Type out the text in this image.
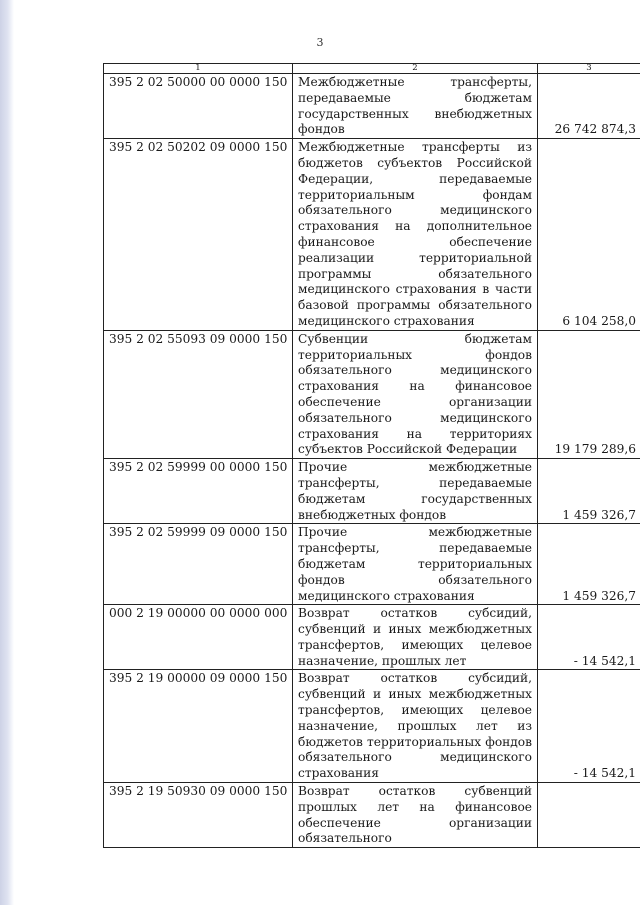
3
1	2	3
395 2 02 50000 00 0000 150	Межбюджетные трансферты, передаваемые бюджетам государственных внебюджетных фондов	26 742 874,3
395 2 02 50202 09 0000 150	Межбюджетные трансферты из бюджетов субъектов Российской Федерации, передаваемые территориальным фондам обязательного медицинского страхования на дополнительное финансовое обеспечение реализации территориальной программы обязательного медицинского страхования в части базовой программы обязательного медицинского страхования	6 104 258,0
395 2 02 55093 09 0000 150	Субвенции бюджетам территориальных фондов обязательного медицинского страхования на финансовое обеспечение организации обязательного медицинского страхования на территориях субъектов Российской Федерации	19 179 289,6
395 2 02 59999 00 0000 150	Прочие межбюджетные трансферты, передаваемые бюджетам государственных внебюджетных фондов	1 459 326,7
395 2 02 59999 09 0000 150	Прочие межбюджетные трансферты, передаваемые бюджетам территориальных фондов обязательного медицинского страхования	1 459 326,7
000 2 19 00000 00 0000 000	Возврат остатков субсидий, субвенций и иных межбюджетных трансфертов, имеющих целевое назначение, прошлых лет	- 14 542,1
395 2 19 00000 09 0000 150	Возврат остатков субсидий, субвенций и иных межбюджетных трансфертов, имеющих целевое назначение, прошлых лет из бюджетов территориальных фондов обязательного медицинского страхования	- 14 542,1
395 2 19 50930 09 0000 150	Возврат остатков субвенций прошлых лет на финансовое обеспечение организации обязательного	
